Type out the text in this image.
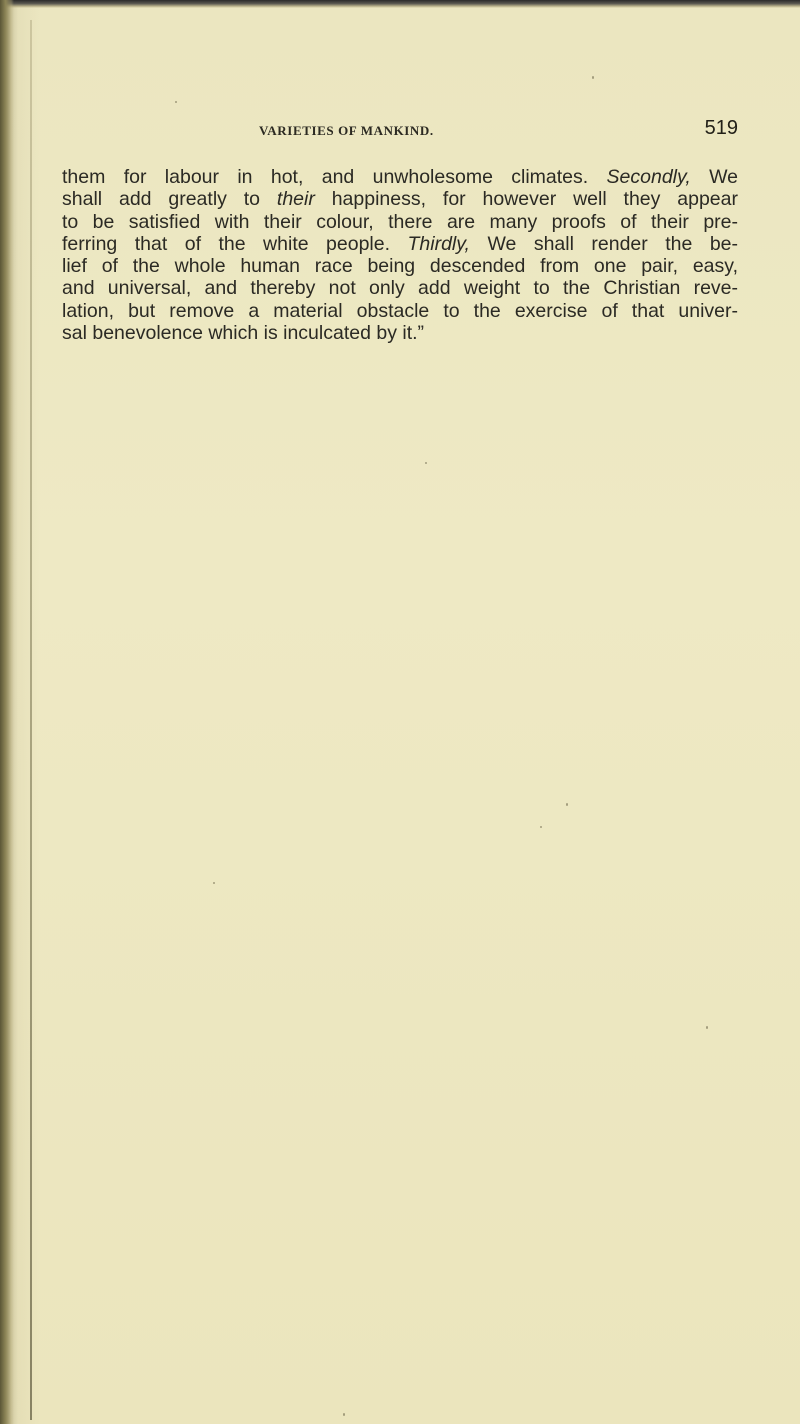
VARIETIES OF MANKIND.	519
them for labour in hot, and unwholesome climates. Secondly, We
shall add greatly to their happiness, for however well they appear
to be satisfied with their colour, there are many proofs of their pre-
ferring that of the white people. Thirdly, We shall render the be-
lief of the whole human race being descended from one pair, easy,
and universal, and thereby not only add weight to the Christian reve-
lation, but remove a material obstacle to the exercise of that univer-
sal benevolence which is inculcated by it.”
